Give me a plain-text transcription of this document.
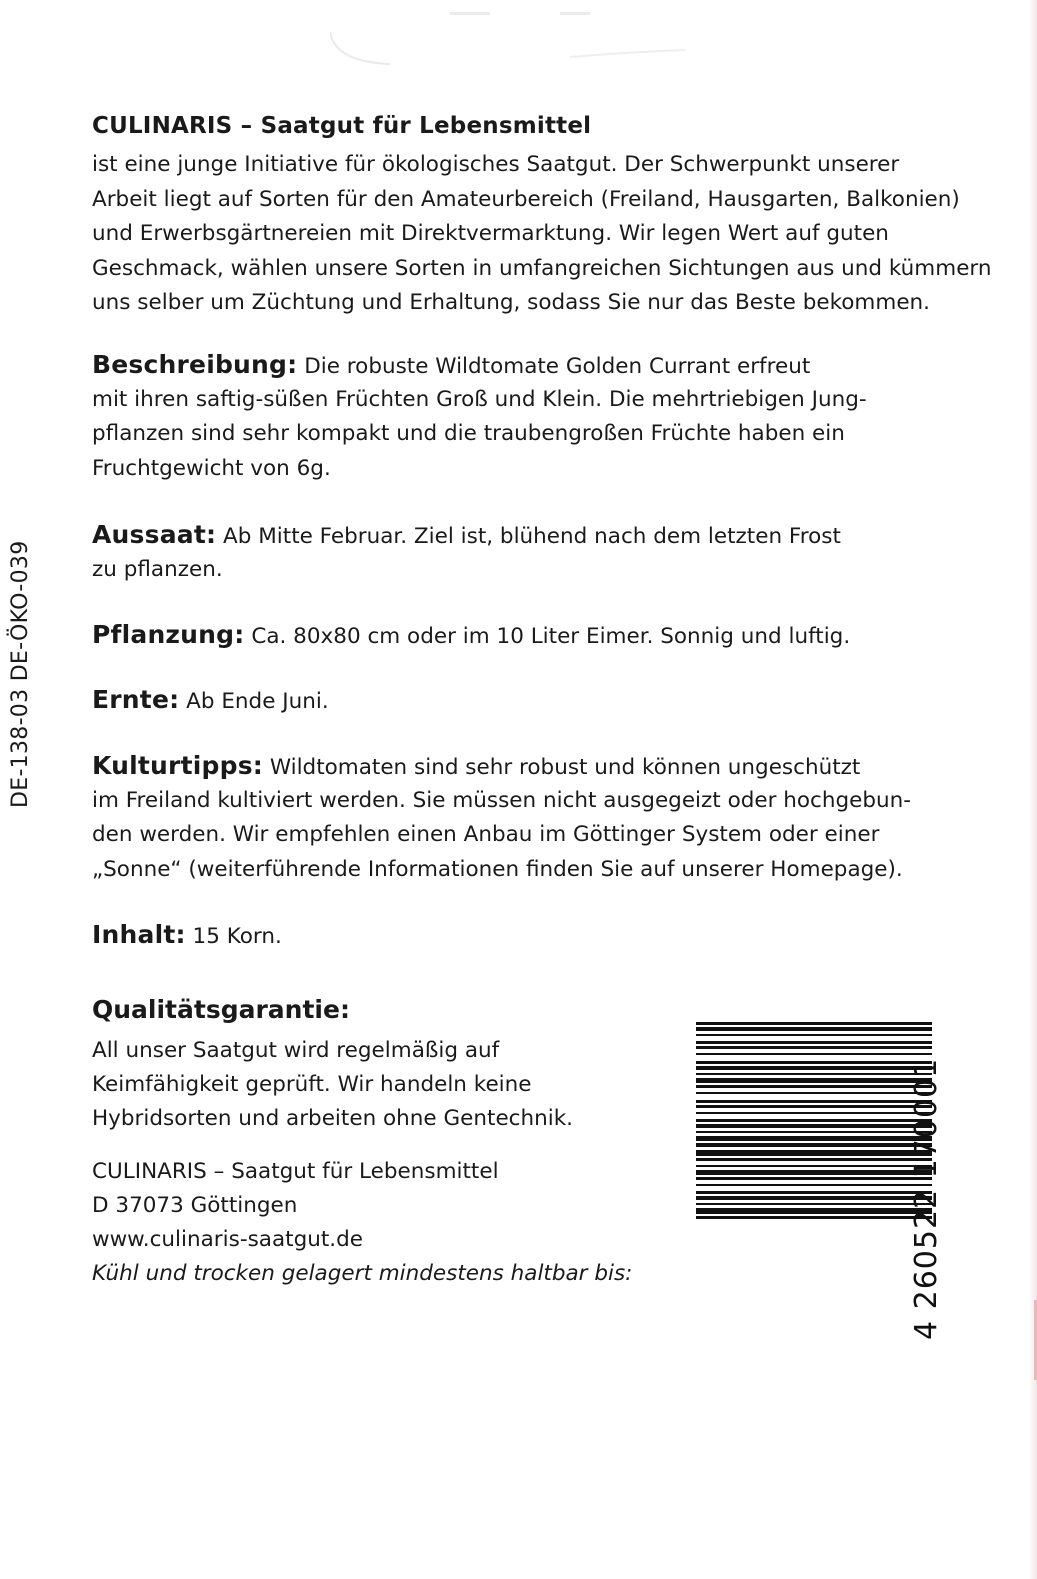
DE-138-03 DE-ÖKO-039
CULINARIS – Saatgut für Lebensmittel
ist eine junge Initiative für ökologisches Saatgut. Der Schwerpunkt unserer
Arbeit liegt auf Sorten für den Amateurbereich (Freiland, Hausgarten, Balkonien)
und Erwerbsgärtnereien mit Direktvermarktung. Wir legen Wert auf guten
Geschmack, wählen unsere Sorten in umfangreichen Sichtungen aus und kümmern
uns selber um Züchtung und Erhaltung, sodass Sie nur das Beste bekommen.
Beschreibung: Die robuste Wildtomate Golden Currant erfreut
mit ihren saftig-süßen Früchten Groß und Klein. Die mehrtriebigen Jung-
pflanzen sind sehr kompakt und die traubengroßen Früchte haben ein
Fruchtgewicht von 6g.
Aussaat: Ab Mitte Februar. Ziel ist, blühend nach dem letzten Frost
zu pflanzen.
Pflanzung: Ca. 80x80 cm oder im 10 Liter Eimer. Sonnig und luftig.
Ernte: Ab Ende Juni.
Kulturtipps: Wildtomaten sind sehr robust und können ungeschützt
im Freiland kultiviert werden. Sie müssen nicht ausgegeizt oder hochgebun-
den werden. Wir empfehlen einen Anbau im Göttinger System oder einer
„Sonne“ (weiterführende Informationen finden Sie auf unserer Homepage).
Inhalt: 15 Korn.
Qualitätsgarantie:
All unser Saatgut wird regelmäßig auf
Keimfähigkeit geprüft. Wir handeln keine
Hybridsorten und arbeiten ohne Gentechnik.
CULINARIS – Saatgut für Lebensmittel
D 37073 Göttingen
www.culinaris-saatgut.de
Kühl und trocken gelagert mindestens haltbar bis:	4 260522 170001
